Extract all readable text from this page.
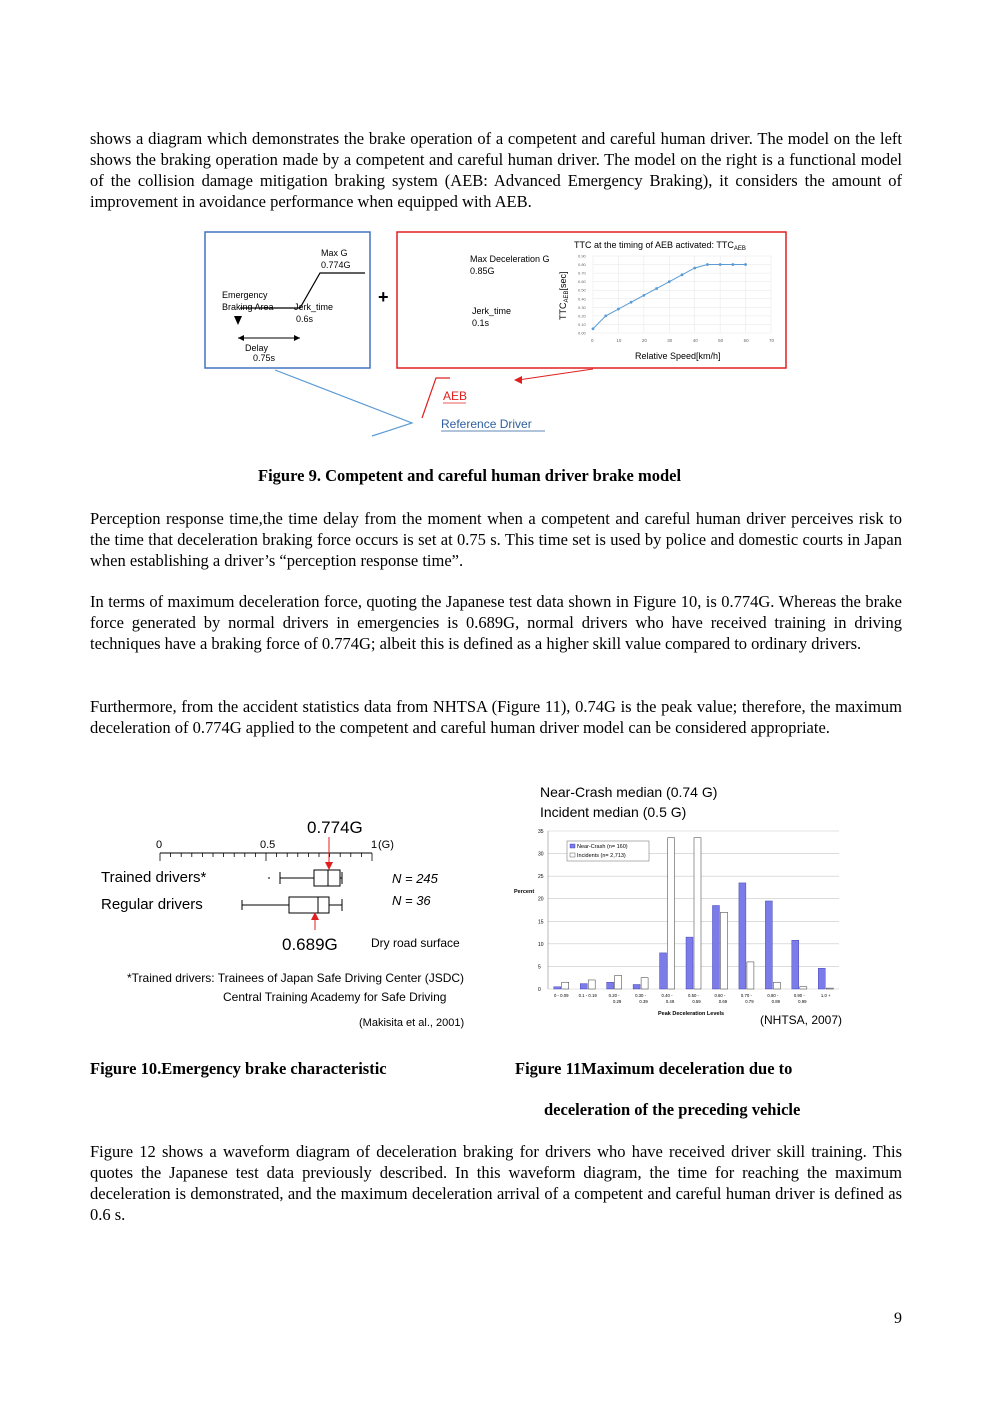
shows a diagram which demonstrates the brake operation of a competent and careful human driver. The model on the left shows the braking operation made by a competent and careful human driver. The model on the right is a functional model of the collision damage mitigation braking system (AEB: Advanced Emergency Braking), it considers the amount of improvement in avoidance performance when equipped with AEB.

Max G
0.774G
Emergency
Braking Area Jerk_time
0.6s
Delay
0.75s
+
Max Deceleration G
0.85G
Jerk_time
0.1s
TTC at the timing of AEB activated: $TTC_{AEB}$
$TTC_{AEB}[\sec]$
0.00
0.10
0.20
0.30
0.40
0.50
0.60
0.70
0.80
0.90
0	10	20	30	40	50	60	70
Relative Speed[km/h]
AEB
Reference Driver

Figure 9. Competent and careful human driver brake model

Perception response time,the time delay from the moment when a competent and careful human driver perceives risk to the time that deceleration braking force occurs is set at 0.75 s. This time set is used by police and domestic courts in Japan when establishing a driver’s “perception response time”.

In terms of maximum deceleration force, quoting the Japanese test data shown in Figure 10, is 0.774G. Whereas the brake force generated by normal drivers in emergencies is 0.689G, normal drivers who have received training in driving techniques have a braking force of 0.774G; albeit this is defined as a higher skill value compared to ordinary drivers.

Furthermore, from the accident statistics data from NHTSA (Figure 11), 0.74G is the peak value; therefore, the maximum deceleration of 0.774G applied to the competent and careful human driver model can be considered appropriate.

0.774G
0	0.5	1 (G)
Trained drivers*	N = 245
Regular drivers	N = 36
0.689G	Dry road surface
*Trained drivers: Trainees of Japan Safe Driving Center (JSDC)
Central Training Academy for Safe Driving
(Makisita et al., 2001)
Near-Crash median (0.74 G)
Incident median (0.5 G)
Percent
35
30
25
20
15
10
5
0
0 - 0.09 0.1 - 0.19	0.20 -
0.29
0.30 -
0.39
0.40 -
0.49
0.50 -
0.59
0.60 -
0.69
0.70 -
0.79
0.80 -
0.89
0.90 -
0.99
1.0 +
Near-Crash (n= 160)
Incidents (n= 2,713)
Peak Deceleration Levels	(NHTSA, 2007)

Figure 10.Emergency brake characteristic	Figure 11Maximum deceleration due to

deceleration of the preceding vehicle

Figure 12 shows a waveform diagram of deceleration braking for drivers who have received driver skill training. This quotes the Japanese test data previously described. In this waveform diagram, the time for reaching the maximum deceleration is demonstrated, and the maximum deceleration arrival of a competent and careful human driver is defined as 0.6 s.

9
